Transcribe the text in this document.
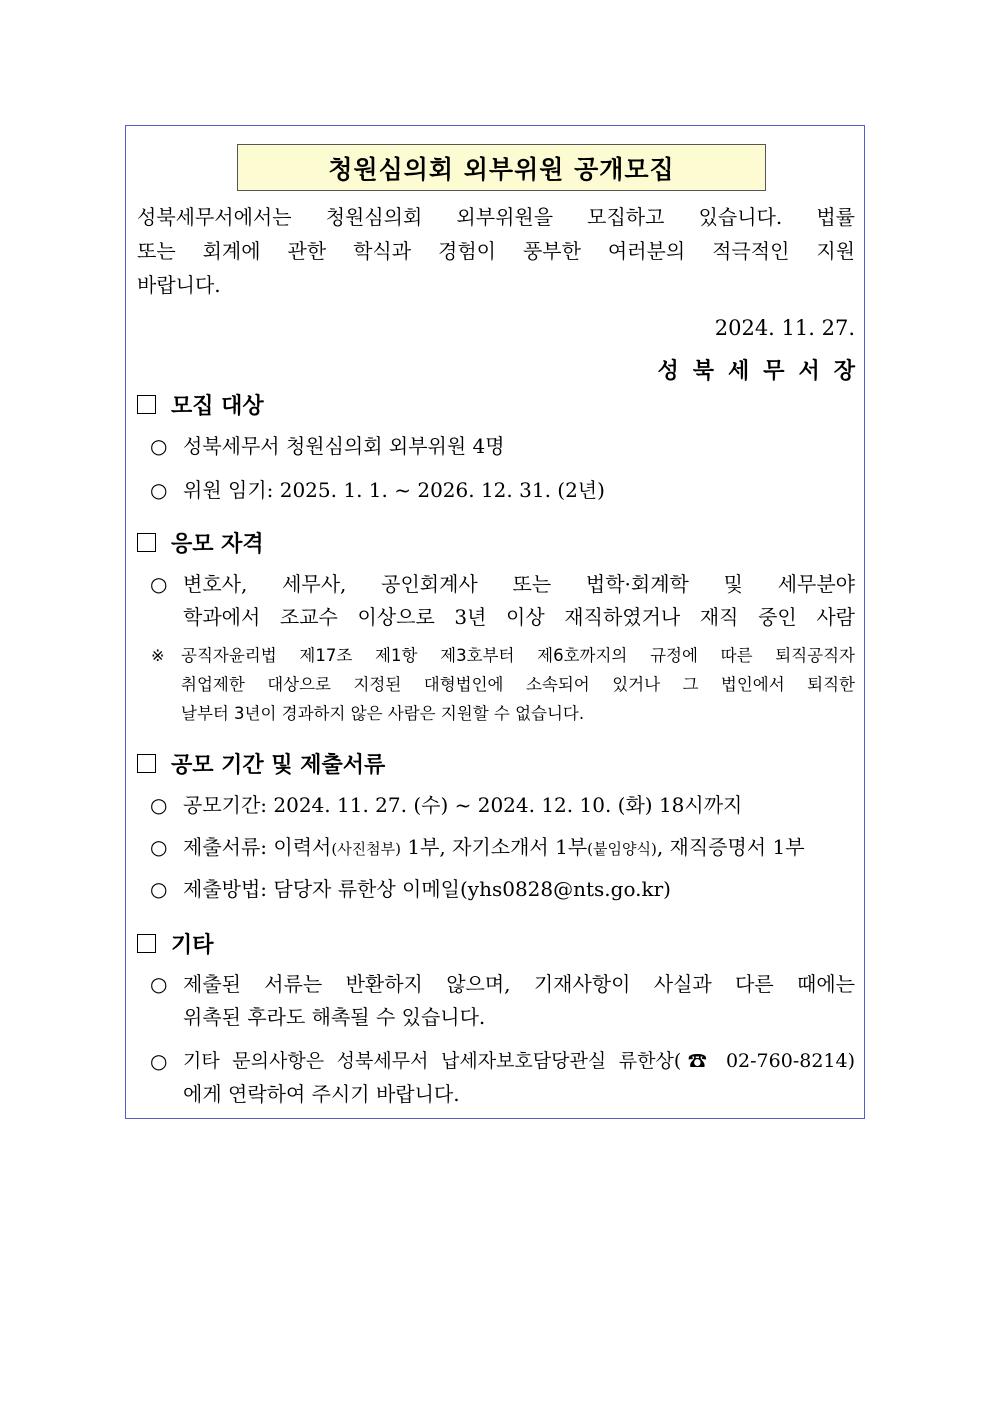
청원심의회 외부위원 공개모집
성북세무서에서는 청원심의회 외부위원을 모집하고 있습니다. 법률
또는 회계에 관한 학식과 경험이 풍부한 여러분의 적극적인 지원
바랍니다.
2024. 11. 27.
성북세무서장
모집 대상
○ 성북세무서 청원심의회 외부위원 4명
○ 위원 임기: 2025. 1. 1. ~ 2026. 12. 31. (2년)
응모 자격
○ 변호사, 세무사, 공인회계사 또는 법학·회계학 및 세무분야
학과에서 조교수 이상으로 3년 이상 재직하였거나 재직 중인 사람
※ 공직자윤리법 제17조 제1항 제3호부터 제6호까지의 규정에 따른 퇴직공직자
취업제한 대상으로 지정된 대형법인에 소속되어 있거나 그 법인에서 퇴직한
날부터 3년이 경과하지 않은 사람은 지원할 수 없습니다.
공모 기간 및 제출서류
○ 공모기간: 2024. 11. 27. (수) ~ 2024. 12. 10. (화) 18시까지
○ 제출서류: 이력서(사진첨부) 1부, 자기소개서 1부(붙임양식), 재직증명서 1부
○ 제출방법: 담당자 류한상 이메일(yhs0828@nts.go.kr)
기타
○ 제출된 서류는 반환하지 않으며, 기재사항이 사실과 다른 때에는
위촉된 후라도 해촉될 수 있습니다.
○ 기타 문의사항은 성북세무서 납세자보호담당관실 류한상(☎ 02-760-8214)
에게 연락하여 주시기 바랍니다.
